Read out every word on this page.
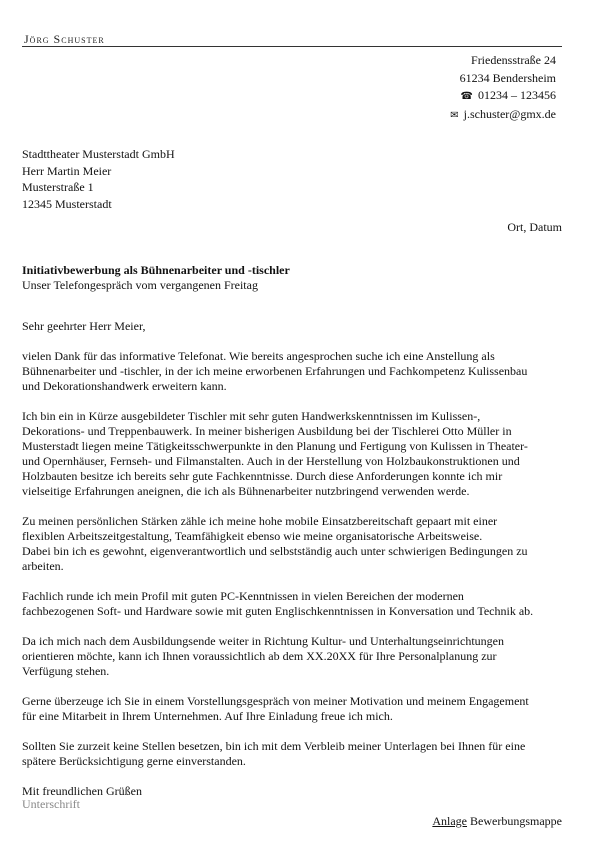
Jörg Schuster
Friedensstraße 24
61234 Bendersheim
☎ 01234 – 123456
✉ j.schuster@gmx.de
Stadttheater Musterstadt GmbH
Herr Martin Meier
Musterstraße 1
12345 Musterstadt
Ort, Datum
Initiativbewerbung als Bühnenarbeiter und -tischler
Unser Telefongespräch vom vergangenen Freitag

Sehr geehrter Herr Meier,

vielen Dank für das informative Telefonat. Wie bereits angesprochen suche ich eine Anstellung als
Bühnenarbeiter und -tischler, in der ich meine erworbenen Erfahrungen und Fachkompetenz Kulissenbau
und Dekorationshandwerk erweitern kann.

Ich bin ein in Kürze ausgebildeter Tischler mit sehr guten Handwerkskenntnissen im Kulissen-,
Dekorations- und Treppenbauwerk. In meiner bisherigen Ausbildung bei der Tischlerei Otto Müller in
Musterstadt liegen meine Tätigkeitsschwerpunkte in den Planung und Fertigung von Kulissen in Theater-
und Opernhäuser, Fernseh- und Filmanstalten. Auch in der Herstellung von Holzbaukonstruktionen und
Holzbauten besitze ich bereits sehr gute Fachkenntnisse. Durch diese Anforderungen konnte ich mir
vielseitige Erfahrungen aneignen, die ich als Bühnenarbeiter nutzbringend verwenden werde.

Zu meinen persönlichen Stärken zähle ich meine hohe mobile Einsatzbereitschaft gepaart mit einer
flexiblen Arbeitszeitgestaltung, Teamfähigkeit ebenso wie meine organisatorische Arbeitsweise.
Dabei bin ich es gewohnt, eigenverantwortlich und selbstständig auch unter schwierigen Bedingungen zu
arbeiten.

Fachlich runde ich mein Profil mit guten PC-Kenntnissen in vielen Bereichen der modernen
fachbezogenen Soft- und Hardware sowie mit guten Englischkenntnissen in Konversation und Technik ab.

Da ich mich nach dem Ausbildungsende weiter in Richtung Kultur- und Unterhaltungseinrichtungen
orientieren möchte, kann ich Ihnen voraussichtlich ab dem XX.20XX für Ihre Personalplanung zur
Verfügung stehen.

Gerne überzeuge ich Sie in einem Vorstellungsgespräch von meiner Motivation und meinem Engagement
für eine Mitarbeit in Ihrem Unternehmen. Auf Ihre Einladung freue ich mich.

Sollten Sie zurzeit keine Stellen besetzen, bin ich mit dem Verbleib meiner Unterlagen bei Ihnen für eine
spätere Berücksichtigung gerne einverstanden.

Mit freundlichen Grüßen

Unterschrift
Anlage Bewerbungsmappe
